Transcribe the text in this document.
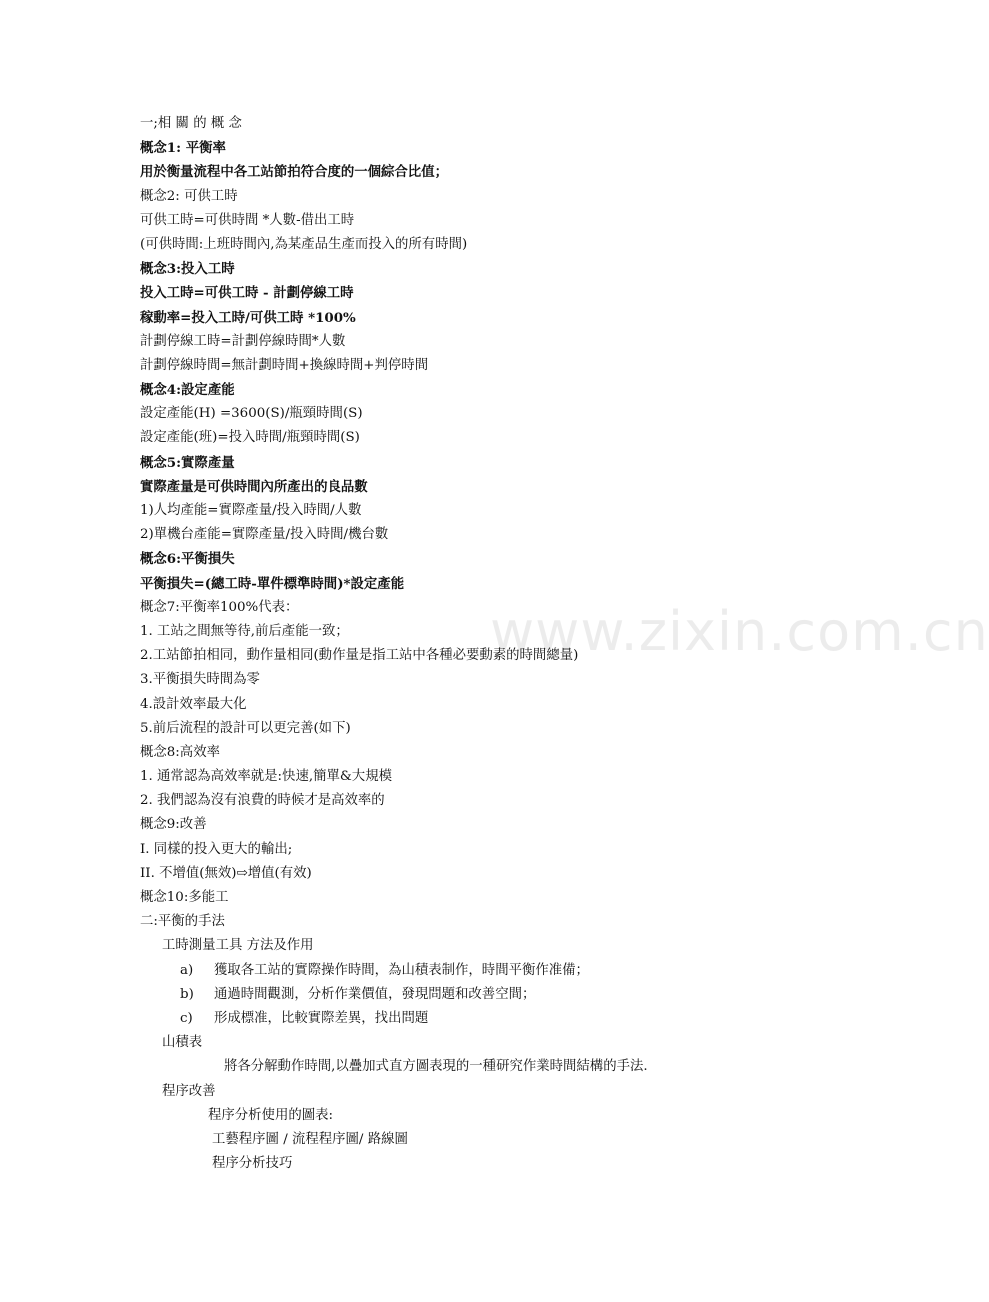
www.zixin.com.cn
一;相 關 的 概 念
概念1: 平衡率
用於衡量流程中各工站節拍符合度的一個綜合比值；
概念2: 可供工時
可供工時=可供時間 *人數-借出工時
(可供時間:上班時間內,為某產品生產而投入的所有時間)
概念3:投入工時
投入工時=可供工時 - 計劃停線工時
稼動率=投入工時/可供工時 *100%
計劃停線工時=計劃停線時間*人數
計劃停線時間=無計劃時間+換線時間+判停時間
概念4:設定產能
設定產能(H) =3600(S)/瓶頸時間(S)
設定產能(班)=投入時間/瓶頸時間(S)
概念5:實際產量
實際產量是可供時間內所產出的良品數
1)人均產能=實際產量/投入時間/人數
2)單機台產能=實際產量/投入時間/機台數
概念6:平衡損失
平衡損失=(總工時-單件標準時間)*設定產能
概念7:平衡率100%代表：
1. 工站之間無等待,前后產能一致；
2.工站節拍相同，動作量相同(動作量是指工站中各種必要動素的時間總量)
3.平衡損失時間為零
4.設計效率最大化
5.前后流程的設計可以更完善(如下)
概念8:高效率
1. 通常認為高效率就是:快速,簡單&大規模
2. 我們認為沒有浪費的時候才是高效率的
概念9:改善
I. 同樣的投入更大的輸出;
II. 不增值(無效)⇨增值(有效)
概念10:多能工
二:平衡的手法
工時測量工具 方法及作用
a) 獲取各工站的實際操作時間，為山積表制作，時間平衡作准備；
b) 通過時間觀測，分析作業價值，發現問題和改善空間；
c) 形成標准，比較實際差異，找出問題
山積表
將各分解動作時間,以疊加式直方圖表現的一種研究作業時間結構的手法.
程序改善
程序分析使用的圖表:
工藝程序圖 / 流程程序圖/ 路線圖
程序分析技巧
